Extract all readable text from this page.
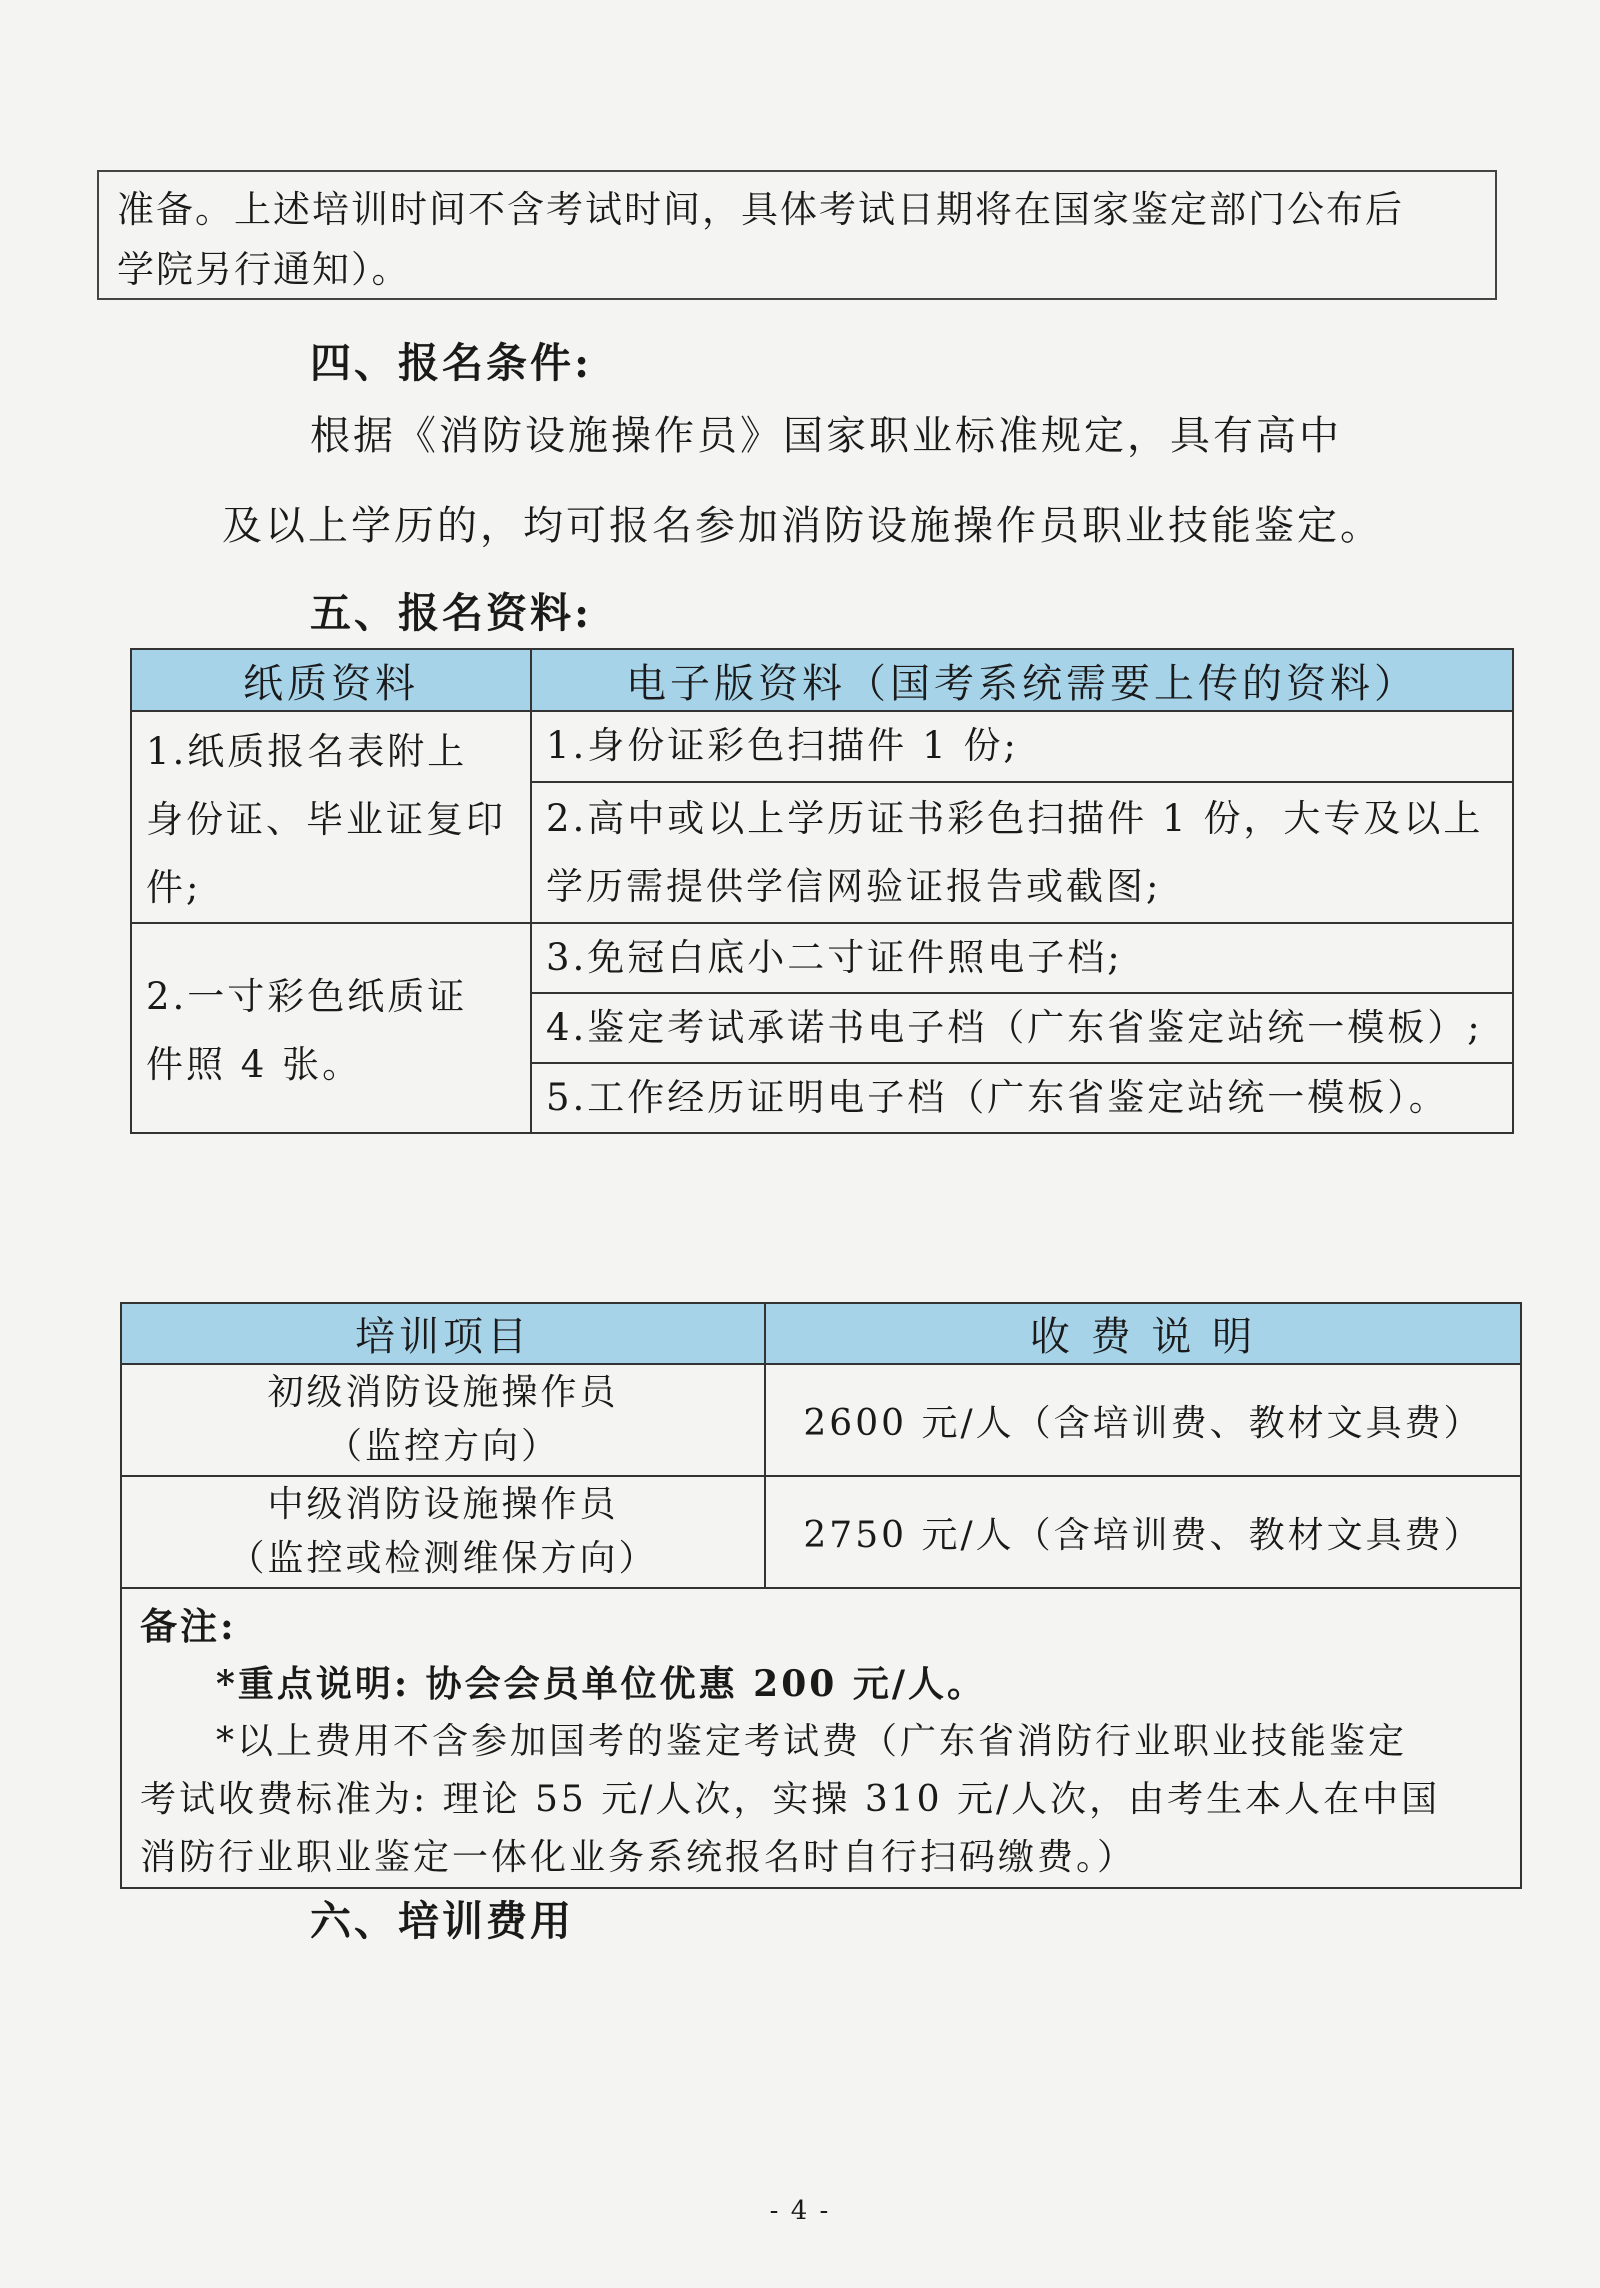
准备。上述培训时间不含考试时间，具体考试日期将在国家鉴定部门公布后
学院另行通知）。
四、报名条件:
根据《消防设施操作员》国家职业标准规定，具有高中
及以上学历的，均可报名参加消防设施操作员职业技能鉴定。
五、报名资料:
纸质资料	电子版资料（国考系统需要上传的资料）

1.纸质报名表附上
身份证、毕业证复印
件;	1.身份证彩色扫描件 1 份;

	2.高中或以上学历证书彩色扫描件 1 份，大专及以上
学历需提供学信网验证报告或截图;

2.一寸彩色纸质证
件照 4 张。	3.免冠白底小二寸证件照电子档;
	4.鉴定考试承诺书电子档（广东省鉴定站统一模板）;
	5.工作经历证明电子档（广东省鉴定站统一模板）。
培训项目	收 费 说 明

初级消防设施操作员
（监控方向）	2600 元/人（含培训费、教材文具费）

中级消防设施操作员
（监控或检测维保方向）	2750 元/人（含培训费、教材文具费）

备注:
*重点说明: 协会会员单位优惠 200 元/人。
*以上费用不含参加国考的鉴定考试费（广东省消防行业职业技能鉴定
考试收费标准为: 理论 55 元/人次，实操 310 元/人次，由考生本人在中国
消防行业职业鉴定一体化业务系统报名时自行扫码缴费。）	
六、培训费用
- 4 -
